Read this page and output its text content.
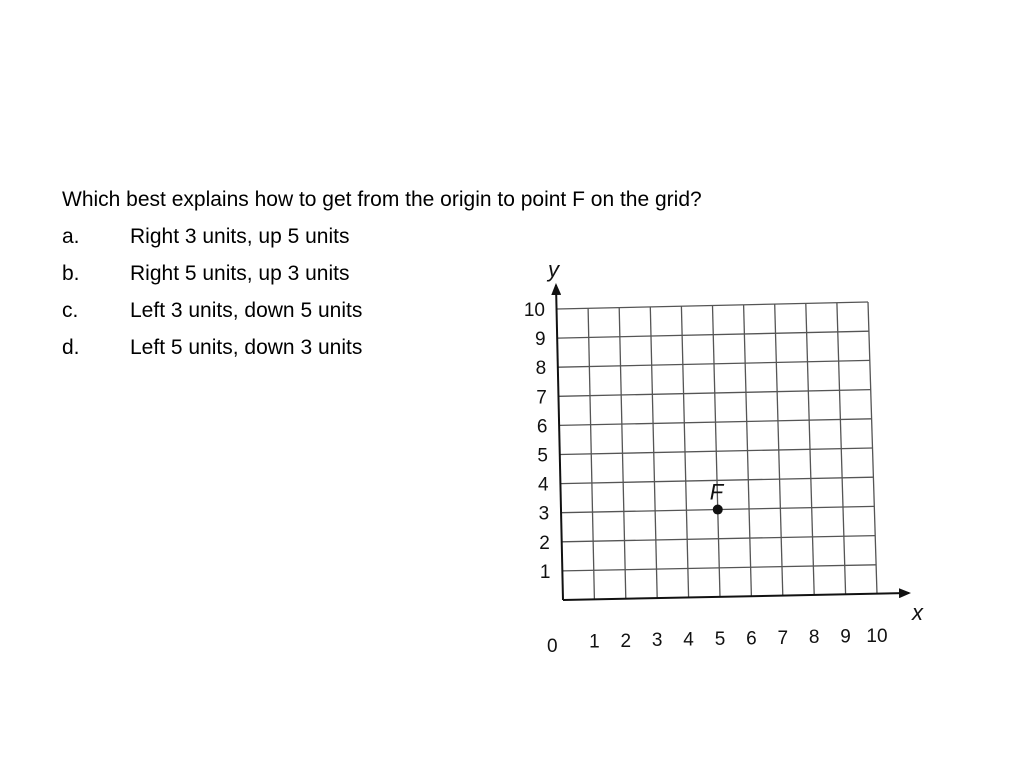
Which best explains how to get from the origin to point F on the grid?
a. Right 3 units, up 5 units
b. Right 5 units, up 3 units
c. Left 3 units, down 5 units
d. Left 5 units, down 3 units
1 2 3 4 5 6 7 8 9 10
1
2
3
4
5
6
7
8
9
10
F
y
x
0
